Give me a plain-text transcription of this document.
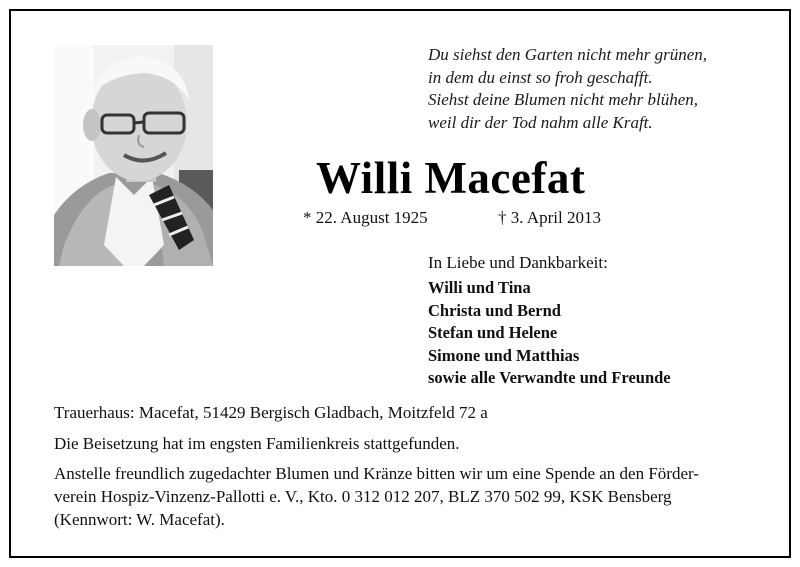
Du siehst den Garten nicht mehr grünen,
in dem du einst so froh geschafft.
Siehst deine Blumen nicht mehr blühen,
weil dir der Tod nahm alle Kraft.
Willi Macefat
* 22. August 1925	† 3. April 2013
In Liebe und Dankbarkeit:
Willi und Tina
Christa und Bernd
Stefan und Helene
Simone und Matthias
sowie alle Verwandte und Freunde
Trauerhaus: Macefat, 51429 Bergisch Gladbach, Moitzfeld 72 a
Die Beisetzung hat im engsten Familienkreis stattgefunden.
Anstelle freundlich zugedachter Blumen und Kränze bitten wir um eine Spende an den Förder-
verein Hospiz-Vinzenz-Pallotti e. V., Kto. 0 312 012 207, BLZ 370 502 99, KSK Bensberg
(Kennwort: W. Macefat).
